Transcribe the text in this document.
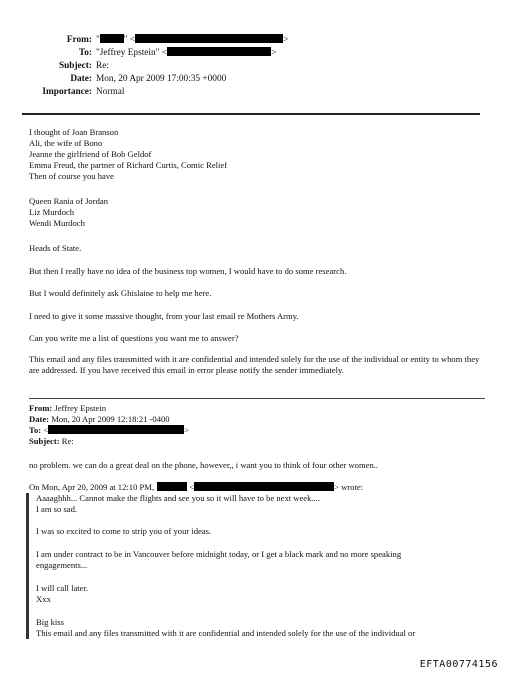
From: "	" <	>
To: "Jeffrey Epstein" <	>
Subject: Re:
Date: Mon, 20 Apr 2009 17:00:35 +0000
Importance: Normal
I thought of Joan Branson
Ali, the wife of Bono
Jeanne the girlfriend of Bob Geldof
Emma Freud, the partner of Richard Curtis, Comic Relief
Then of course you have
Queen Rania of Jordan
Liz Murdoch
Wendi Murdoch
Heads of State.
But then I really have no idea of the business top women, I would have to do some research.
But I would definitely ask Ghislaine to help me here.
I need to give it some massive thought, from your last email re Mothers Army.
Can you write me a list of questions you want me to answer?
This email and any files transmitted with it are confidential and intended solely for the use of the individual or entity to whom they are addressed. If you have received this email in error please notify the sender immediately.
From: Jeffrey Epstein
Date: Mon, 20 Apr 2009 12:18:21 -0400
To: <	>
Subject: Re:
no problem. we can do a great deal on the phone, however,, i want you to think of four other women..
On Mon, Apr 20, 2009 at 12:10 PM,	<	> wrote:
Aaaaghhh... Cannot make the flights and see you so it will have to be next week....
I am so sad.
I was so excited to come to strip you of your ideas.
I am under contract to be in Vancouver before midnight today, or I get a black mark and no more speaking
engagements...
I will call later.
Xxx
Big kiss
This email and any files transmitted with it are confidential and intended solely for the use of the individual or
EFTA00774156
